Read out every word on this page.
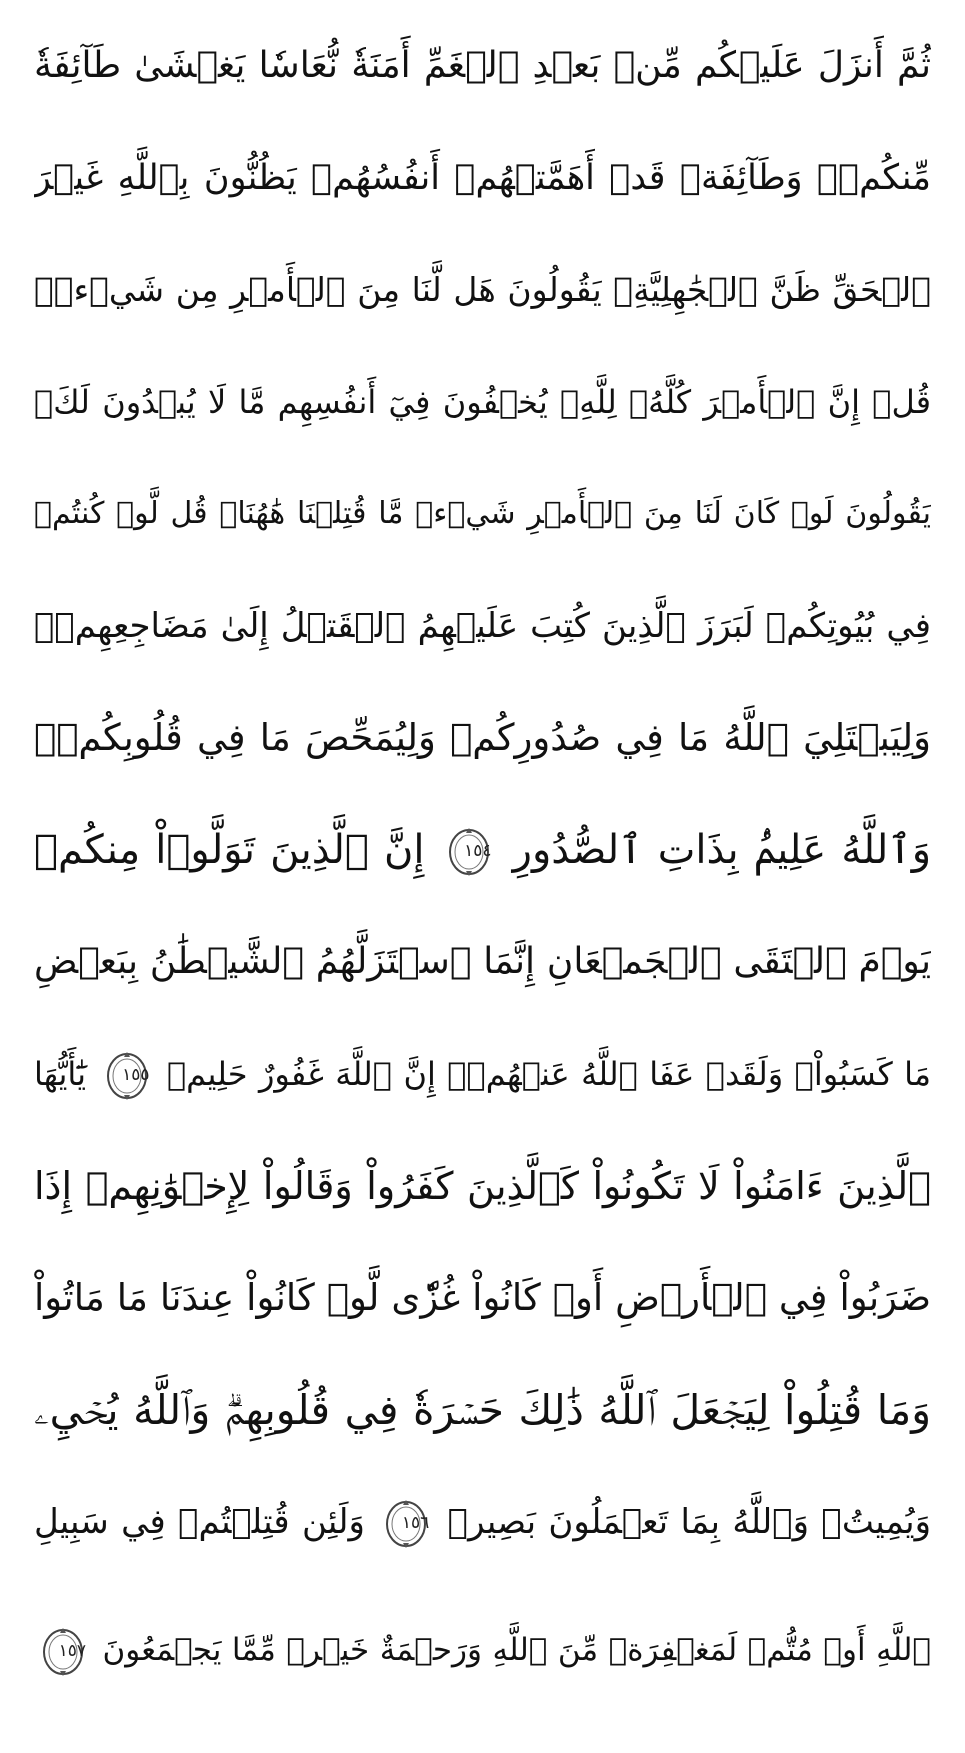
ثُمَّ أَنزَلَ عَلَيۡكُم مِّنۢ بَعۡدِ ٱلۡغَمِّ أَمَنَةٗ نُّعَاسٗا يَغۡشَىٰ طَآئِفَةٗ
مِّنكُمۡۖ وَطَآئِفَةٞ قَدۡ أَهَمَّتۡهُمۡ أَنفُسُهُمۡ يَظُنُّونَ بِٱللَّهِ غَيۡرَ
ٱلۡحَقِّ ظَنَّ ٱلۡجَٰهِلِيَّةِۖ يَقُولُونَ هَل لَّنَا مِنَ ٱلۡأَمۡرِ مِن شَيۡءٖۗ
قُلۡ إِنَّ ٱلۡأَمۡرَ كُلَّهُۥ لِلَّهِۗ يُخۡفُونَ فِيٓ أَنفُسِهِم مَّا لَا يُبۡدُونَ لَكَۖ
يَقُولُونَ لَوۡ كَانَ لَنَا مِنَ ٱلۡأَمۡرِ شَيۡءٞ مَّا قُتِلۡنَا هَٰهُنَاۗ قُل لَّوۡ كُنتُمۡ
فِي بُيُوتِكُمۡ لَبَرَزَ ٱلَّذِينَ كُتِبَ عَلَيۡهِمُ ٱلۡقَتۡلُ إِلَىٰ مَضَاجِعِهِمۡۖ
وَلِيَبۡتَلِيَ ٱللَّهُ مَا فِي صُدُورِكُمۡ وَلِيُمَحِّصَ مَا فِي قُلُوبِكُمۡۚ
وَٱللَّهُ عَلِيمُۢ بِذَاتِ ٱلصُّدُورِ
١٥٤
إِنَّ ٱلَّذِينَ تَوَلَّوۡاْ مِنكُمۡ
يَوۡمَ ٱلۡتَقَى ٱلۡجَمۡعَانِ إِنَّمَا ٱسۡتَزَلَّهُمُ ٱلشَّيۡطَٰنُ بِبَعۡضِ
مَا كَسَبُواْۖ وَلَقَدۡ عَفَا ٱللَّهُ عَنۡهُمۡۗ إِنَّ ٱللَّهَ غَفُورٌ حَلِيمٞ
١٥٥
يَٰٓأَيُّهَا
ٱلَّذِينَ ءَامَنُواْ لَا تَكُونُواْ كَٱلَّذِينَ كَفَرُواْ وَقَالُواْ لِإِخۡوَٰنِهِمۡ إِذَا
ضَرَبُواْ فِي ٱلۡأَرۡضِ أَوۡ كَانُواْ غُزّٗى لَّوۡ كَانُواْ عِندَنَا مَا مَاتُواْ
وَمَا قُتِلُواْ لِيَجۡعَلَ ٱللَّهُ ذَٰلِكَ حَسۡرَةٗ فِي قُلُوبِهِمۡۗ وَٱللَّهُ يُحۡيِۦ
وَيُمِيتُۗ وَٱللَّهُ بِمَا تَعۡمَلُونَ بَصِيرٞ
١٥٦
وَلَئِن قُتِلۡتُمۡ فِي سَبِيلِ
ٱللَّهِ أَوۡ مُتُّمۡ لَمَغۡفِرَةٞ مِّنَ ٱللَّهِ وَرَحۡمَةٌ خَيۡرٞ مِّمَّا يَجۡمَعُونَ
١٥٧
